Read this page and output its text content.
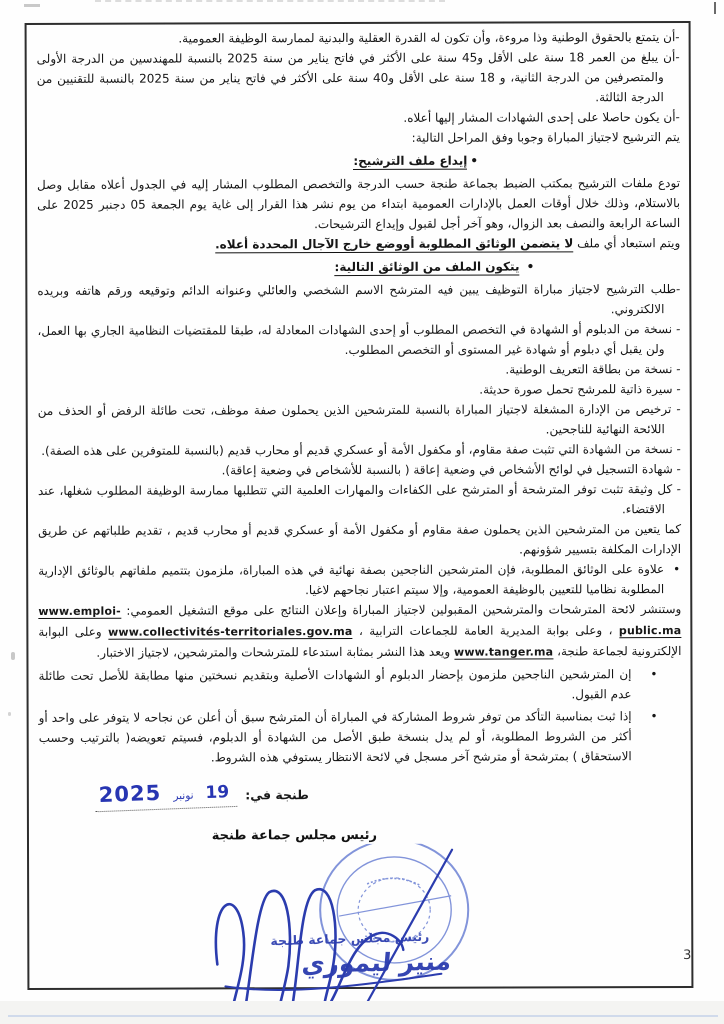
-أن يتمتع بالحقوق الوطنية وذا مروءة، وأن تكون له القدرة العقلية والبدنية لممارسة الوظيفة العمومية.
-أن يبلغ من العمر 18 سنة على الأقل و45 سنة على الأكثر في فاتح يناير من سنة 2025 بالنسبة للمهندسين من الدرجة الأولى والمتصرفين من الدرجة الثانية، و 18 سنة على الأقل و40 سنة على الأكثر في فاتح يناير من سنة 2025 بالنسبة للتقنيين من الدرجة الثالثة.
-أن يكون حاصلا على إحدى الشهادات المشار إليها أعلاه.
يتم الترشيح لاجتياز المباراة وجوبا وفق المراحل التالية:
•إيداع ملف الترشيح:
تودع ملفات الترشيح بمكتب الضبط بجماعة طنجة حسب الدرجة والتخصص المطلوب المشار إليه في الجدول أعلاه مقابل وصل بالاستلام، وذلك خلال أوقات العمل بالإدارات العمومية ابتداء من يوم نشر هذا القرار إلى غاية يوم الجمعة 05 دجنبر 2025 على الساعة الرابعة والنصف بعد الزوال، وهو آخر أجل لقبول وإيداع الترشيحات.
ويتم استبعاد أي ملف لا يتضمن الوثائق المطلوبة أووضع خارج الآجال المحددة أعلاه.
• يتكون الملف من الوثائق التالية:
-طلب الترشيح لاجتياز مباراة التوظيف يبين فيه المترشح الاسم الشخصي والعائلي وعنوانه الدائم وتوقيعه ورقم هاتفه وبريده الالكتروني.
- نسخة من الدبلوم أو الشهادة في التخصص المطلوب أو إحدى الشهادات المعادلة له، طبقا للمقتضيات النظامية الجاري بها العمل، ولن يقبل أي دبلوم أو شهادة غير المستوى أو التخصص المطلوب.
- نسخة من بطاقة التعريف الوطنية.
- سيرة ذاتية للمرشح تحمل صورة حديثة.
- ترخيص من الإدارة المشغلة لاجتياز المباراة بالنسبة للمترشحين الذين يحملون صفة موظف، تحت طائلة الرفض أو الحذف من اللائحة النهائية للناجحين.
- نسخة من الشهادة التي تثبت صفة مقاوم، أو مكفول الأمة أو عسكري قديم أو محارب قديم (بالنسبة للمتوفرين على هذه الصفة).
- شهادة التسجيل في لوائح الأشخاص في وضعية إعاقة ( بالنسبة للأشخاص في وضعية إعاقة).
- كل وثيقة تثبت توفر المترشحة أو المترشح على الكفاءات والمهارات العلمية التي تتطلبها ممارسة الوظيفة المطلوب شغلها، عند الاقتضاء.
كما يتعين من المترشحين الذين يحملون صفة مقاوم أو مكفول الأمة أو عسكري قديم أو محارب قديم ، تقديم طلباتهم عن طريق الإدارات المكلفة بتسيير شؤونهم.
•
علاوة على الوثائق المطلوبة، فإن المترشحين الناجحين بصفة نهائية في هذه المباراة، ملزمون بتتميم ملفاتهم بالوثائق الإدارية المطلوبة نظاميا للتعيين بالوظيفة العمومية، وإلا سيتم اعتبار نجاحهم لاغيا.
وستنشر لائحة المترشحات والمترشحين المقبولين لاجتياز المباراة وإعلان النتائج على موقع التشغيل العمومي: www.emploi-public.ma ، وعلى بوابة المديرية العامة للجماعات الترابية ، www.collectivités-territoriales.gov.ma وعلى البوابة الإلكترونية لجماعة طنجة، www.tanger.ma ويعد هذا النشر بمثابة استدعاء للمترشحات والمترشحين، لاجتياز الاختبار.
•
إن المترشحين الناجحين ملزمون بإحضار الدبلوم أو الشهادات الأصلية وبتقديم نسختين منها مطابقة للأصل تحت طائلة عدم القبول.
•
إذا ثبت بمناسبة التأكد من توفر شروط المشاركة في المباراة أن المترشح سبق أن أعلن عن نجاحه لا يتوفر على واحد أو أكثر من الشروط المطلوبة، أو لم يدل بنسخة طبق الأصل من الشهادة أو الدبلوم، فسيتم تعويضه( بالترتيب وحسب الاستحقاق ) بمترشحة أو مترشح آخر مسجل في لائحة الانتظار يستوفي هذه الشروط.
طنجة في:
19
نونبر
2025
رئيس مجلس جماعة طنجة
رئيس مجلس جماعة طنجة
منير ليموري	3
